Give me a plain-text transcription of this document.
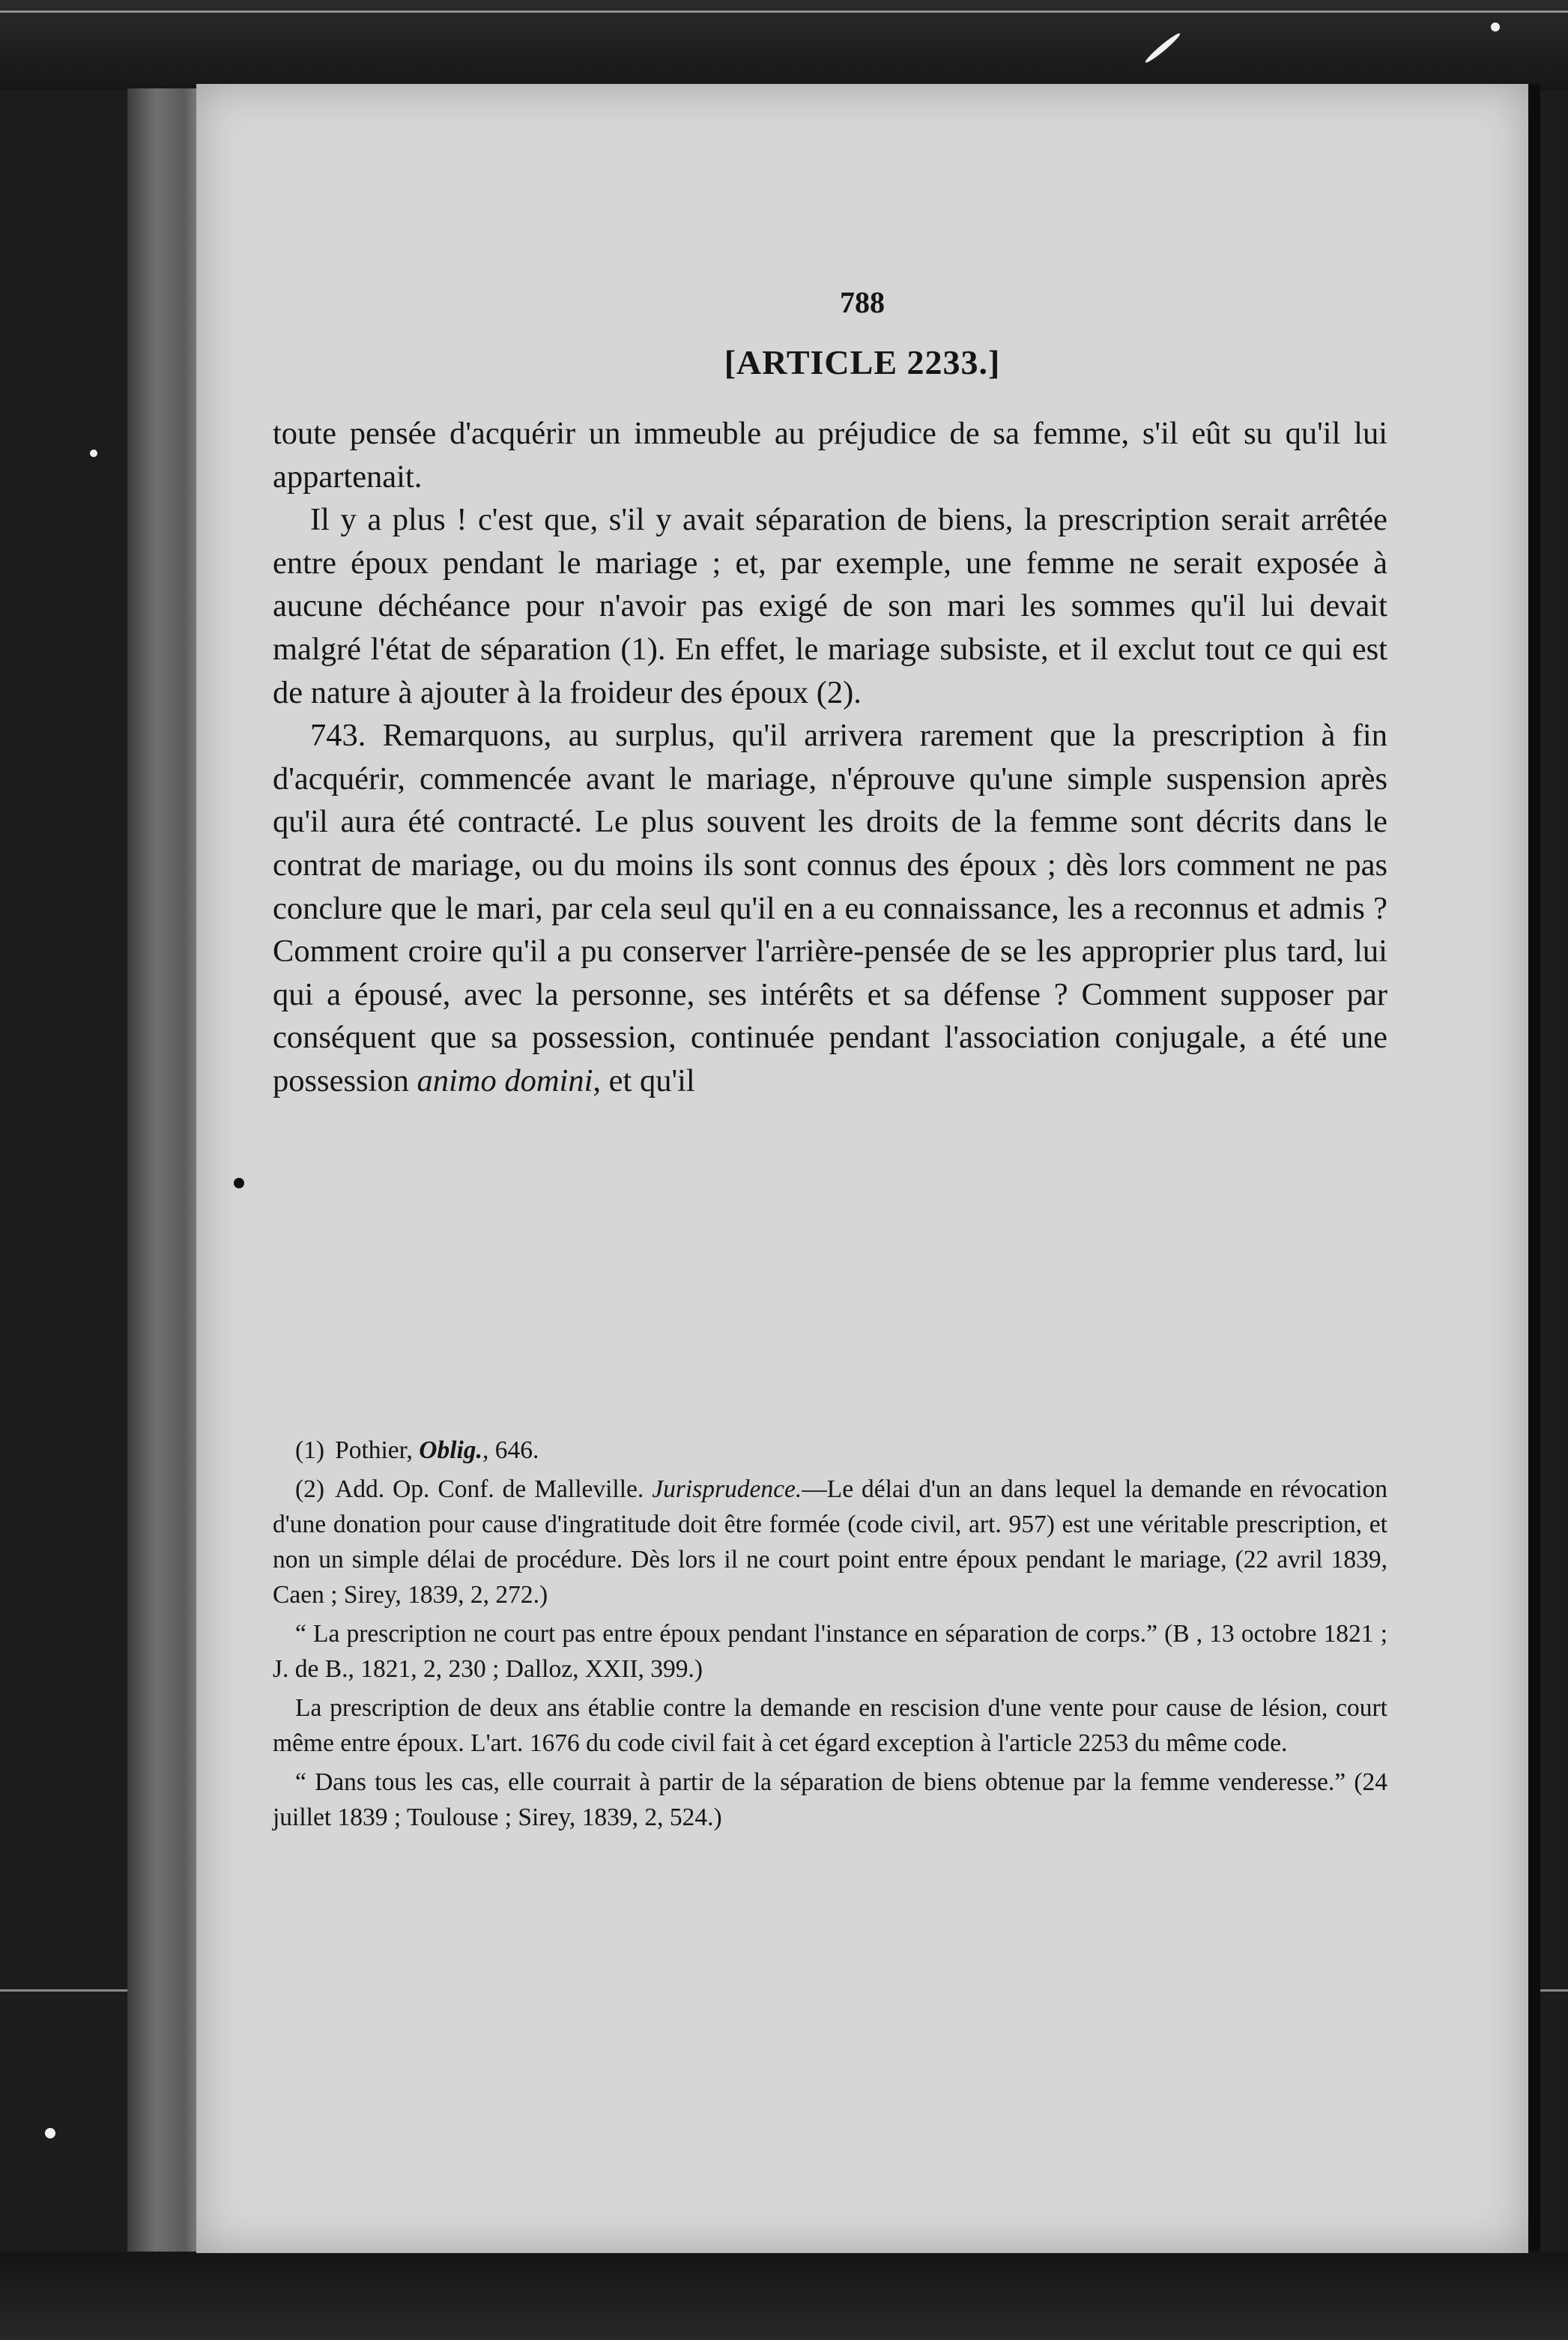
788
[ARTICLE 2233.]

toute pensée d'acquérir un immeuble au préjudice de sa femme, s'il eût su qu'il lui appartenait.

Il y a plus ! c'est que, s'il y avait séparation de biens, la prescription serait arrêtée entre époux pendant le mariage ; et, par exemple, une femme ne serait exposée à aucune déchéance pour n'avoir pas exigé de son mari les sommes qu'il lui devait malgré l'état de séparation (1). En effet, le mariage subsiste, et il exclut tout ce qui est de nature à ajouter à la froideur des époux (2).

743. Remarquons, au surplus, qu'il arrivera rarement que la prescription à fin d'acquérir, commencée avant le mariage, n'éprouve qu'une simple suspension après qu'il aura été contracté. Le plus souvent les droits de la femme sont décrits dans le contrat de mariage, ou du moins ils sont connus des époux ; dès lors comment ne pas conclure que le mari, par cela seul qu'il en a eu connaissance, les a reconnus et admis ? Comment croire qu'il a pu conserver l'arrière-pensée de se les approprier plus tard, lui qui a épousé, avec la personne, ses intérêts et sa défense ? Comment supposer par conséquent que sa possession, continuée pendant l'association conjugale, a été une possession animo domini, et qu'il

(1) Pothier, Oblig., 646.

(2) Add. Op. Conf. de Malleville. Jurisprudence.—Le délai d'un an dans lequel la demande en révocation d'une donation pour cause d'ingratitude doit être formée (code civil, art. 957) est une véritable prescription, et non un simple délai de procédure. Dès lors il ne court point entre époux pendant le mariage, (22 avril 1839, Caen ; Sirey, 1839, 2, 272.)

“ La prescription ne court pas entre époux pendant l'instance en séparation de corps.” (B , 13 octobre 1821 ; J. de B., 1821, 2, 230 ; Dalloz, XXII, 399.)

La prescription de deux ans établie contre la demande en rescision d'une vente pour cause de lésion, court même entre époux. L'art. 1676 du code civil fait à cet égard exception à l'article 2253 du même code.

“ Dans tous les cas, elle courrait à partir de la séparation de biens obtenue par la femme venderesse.” (24 juillet 1839 ; Toulouse ; Sirey, 1839, 2, 524.)
